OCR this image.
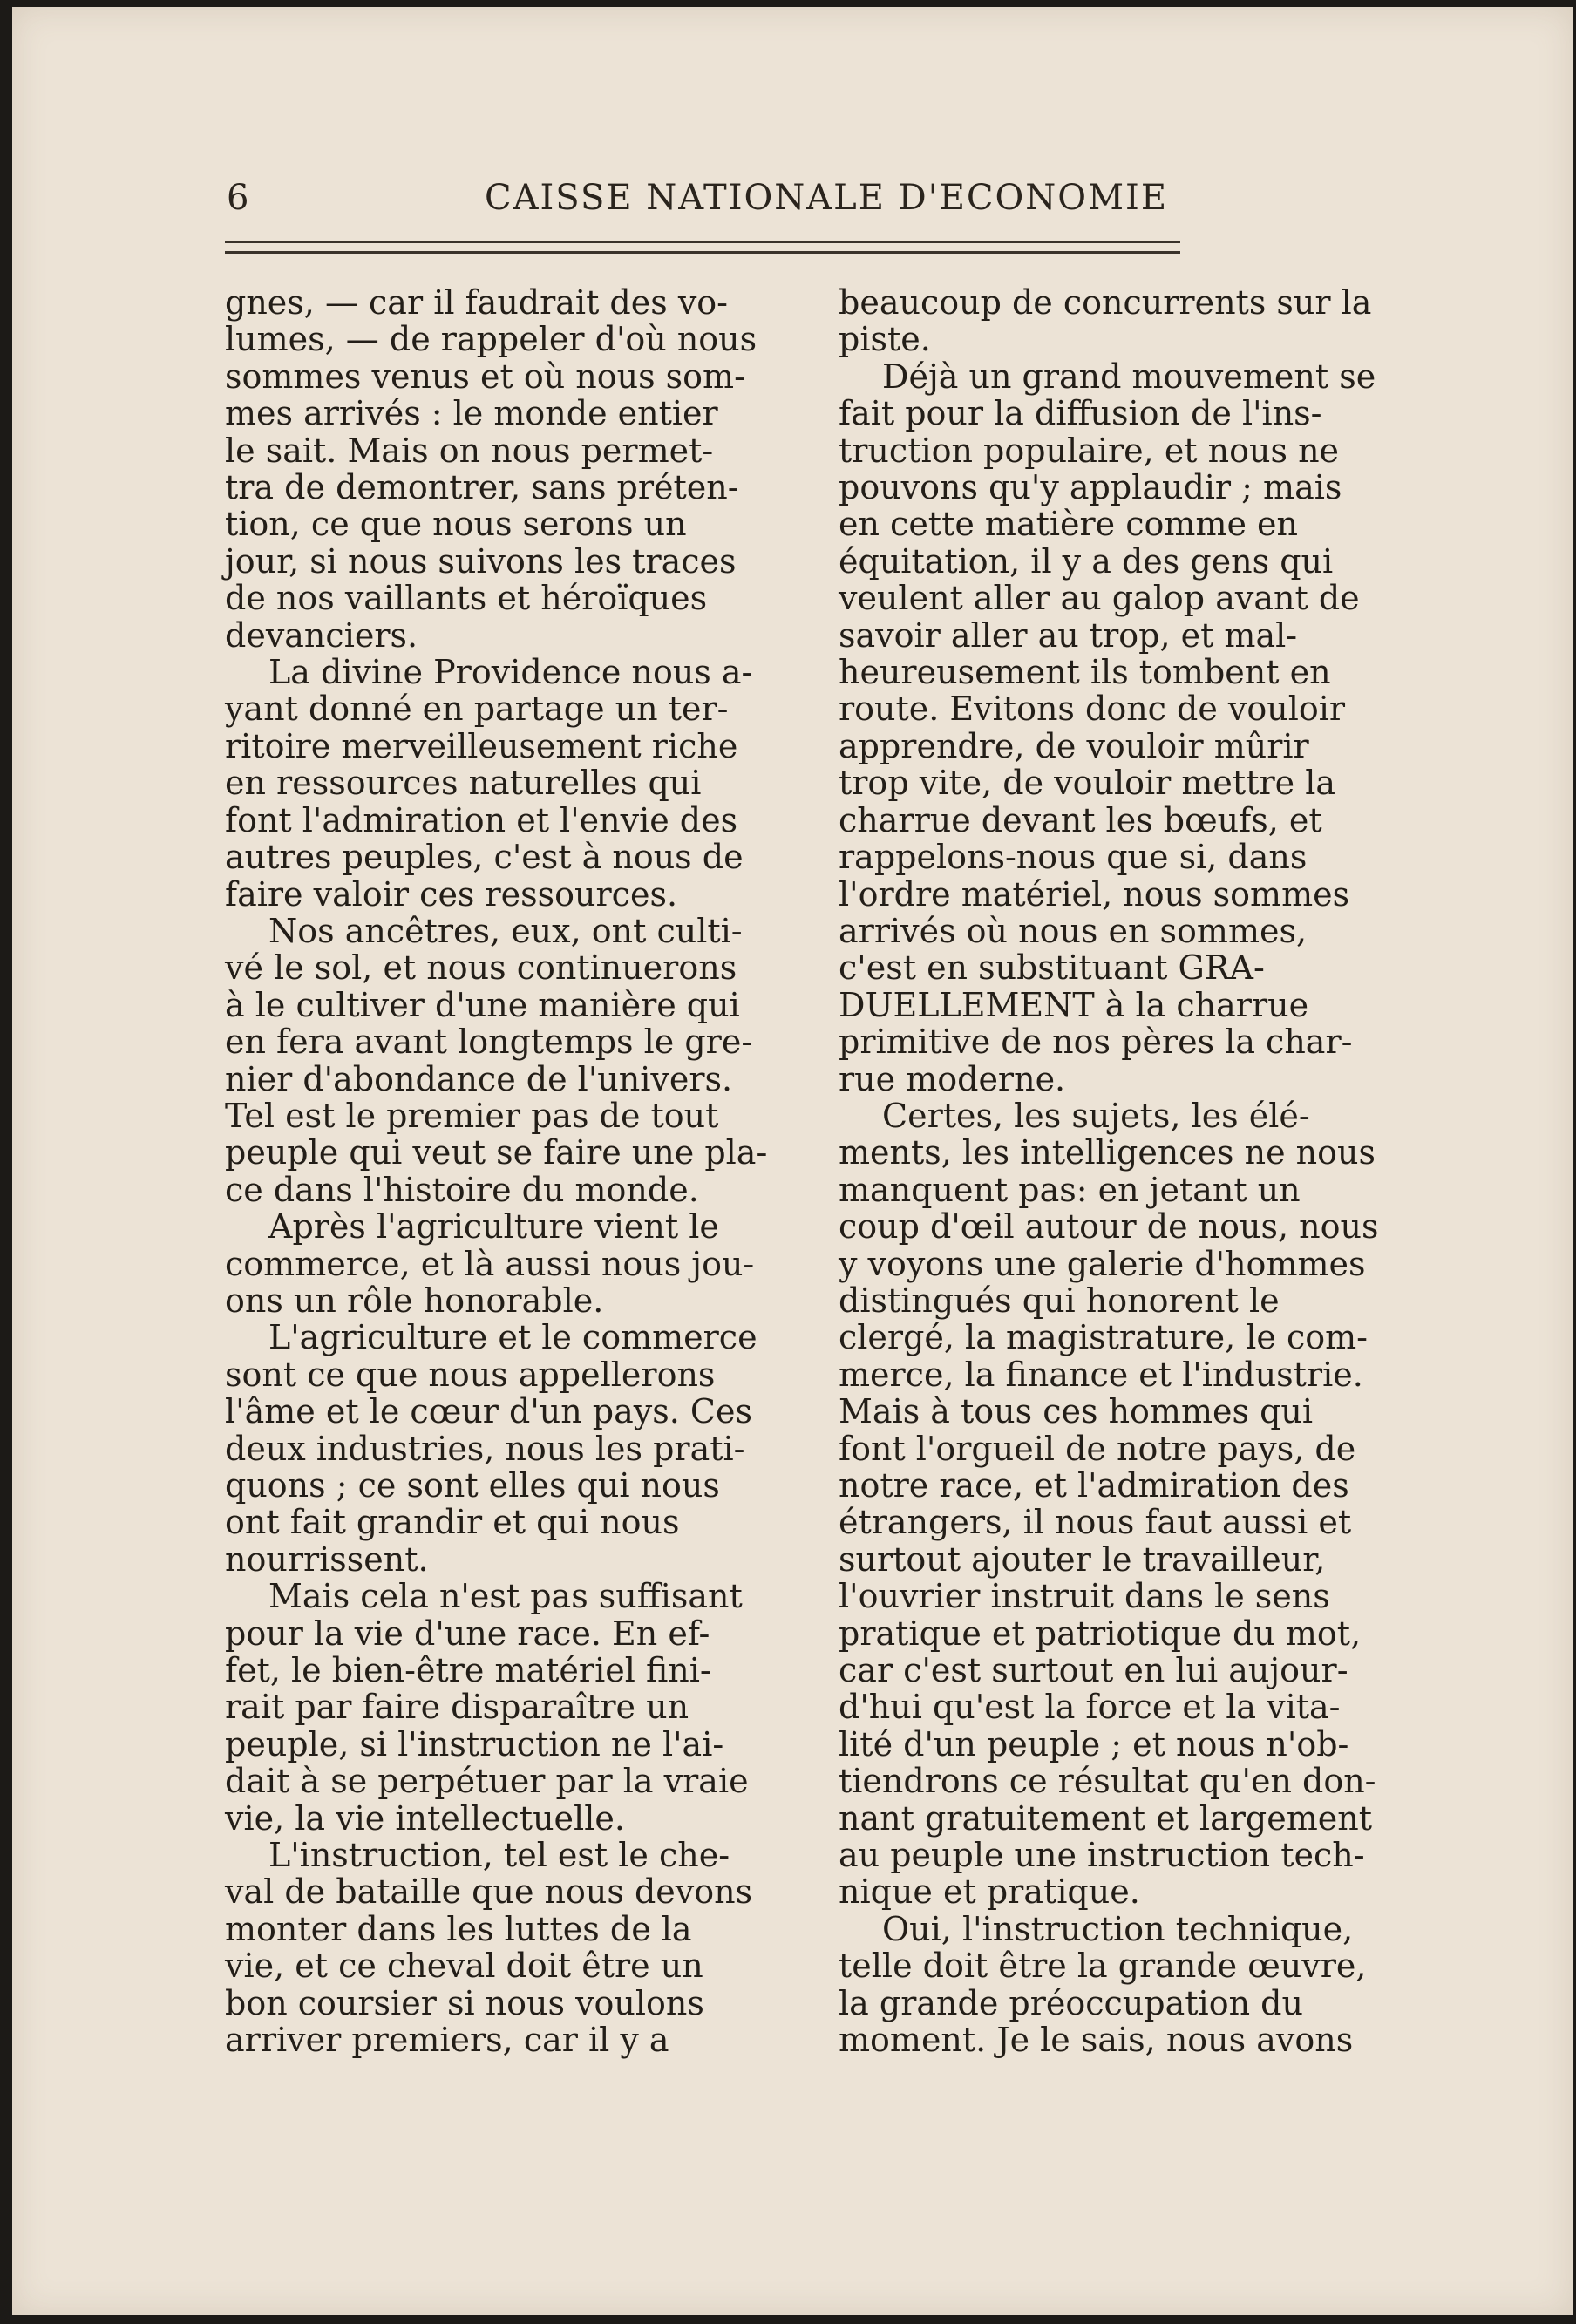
6	CAISSE NATIONALE D'ECONOMIE
gnes, — car il faudrait des vo-
lumes, — de rappeler d'où nous
sommes venus et où nous som-
mes arrivés : le monde entier
le sait. Mais on nous permet-
tra de demontrer, sans préten-
tion, ce que nous serons un
jour, si nous suivons les traces
de nos vaillants et héroïques
devanciers.
La divine Providence nous a-
yant donné en partage un ter-
ritoire merveilleusement riche
en ressources naturelles qui
font l'admiration et l'envie des
autres peuples, c'est à nous de
faire valoir ces ressources.
Nos ancêtres, eux, ont culti-
vé le sol, et nous continuerons
à le cultiver d'une manière qui
en fera avant longtemps le gre-
nier d'abondance de l'univers.
Tel est le premier pas de tout
peuple qui veut se faire une pla-
ce dans l'histoire du monde.
Après l'agriculture vient le
commerce, et là aussi nous jou-
ons un rôle honorable.
L'agriculture et le commerce
sont ce que nous appellerons
l'âme et le cœur d'un pays. Ces
deux industries, nous les prati-
quons ; ce sont elles qui nous
ont fait grandir et qui nous
nourrissent.
Mais cela n'est pas suffisant
pour la vie d'une race. En ef-
fet, le bien-être matériel fini-
rait par faire disparaître un
peuple, si l'instruction ne l'ai-
dait à se perpétuer par la vraie
vie, la vie intellectuelle.
L'instruction, tel est le che-
val de bataille que nous devons
monter dans les luttes de la
vie, et ce cheval doit être un
bon coursier si nous voulons
arriver premiers, car il y a
beaucoup de concurrents sur la
piste.
Déjà un grand mouvement se
fait pour la diffusion de l'ins-
truction populaire, et nous ne
pouvons qu'y applaudir ; mais
en cette matière comme en
équitation, il y a des gens qui
veulent aller au galop avant de
savoir aller au trop, et mal-
heureusement ils tombent en
route. Evitons donc de vouloir
apprendre, de vouloir mûrir
trop vite, de vouloir mettre la
charrue devant les bœufs, et
rappelons-nous que si, dans
l'ordre matériel, nous sommes
arrivés où nous en sommes,
c'est en substituant GRA-
DUELLEMENT à la charrue
primitive de nos pères la char-
rue moderne.
Certes, les sujets, les élé-
ments, les intelligences ne nous
manquent pas: en jetant un
coup d'œil autour de nous, nous
y voyons une galerie d'hommes
distingués qui honorent le
clergé, la magistrature, le com-
merce, la finance et l'industrie.
Mais à tous ces hommes qui
font l'orgueil de notre pays, de
notre race, et l'admiration des
étrangers, il nous faut aussi et
surtout ajouter le travailleur,
l'ouvrier instruit dans le sens
pratique et patriotique du mot,
car c'est surtout en lui aujour-
d'hui qu'est la force et la vita-
lité d'un peuple ; et nous n'ob-
tiendrons ce résultat qu'en don-
nant gratuitement et largement
au peuple une instruction tech-
nique et pratique.
Oui, l'instruction technique,
telle doit être la grande œuvre,
la grande préoccupation du
moment. Je le sais, nous avons
